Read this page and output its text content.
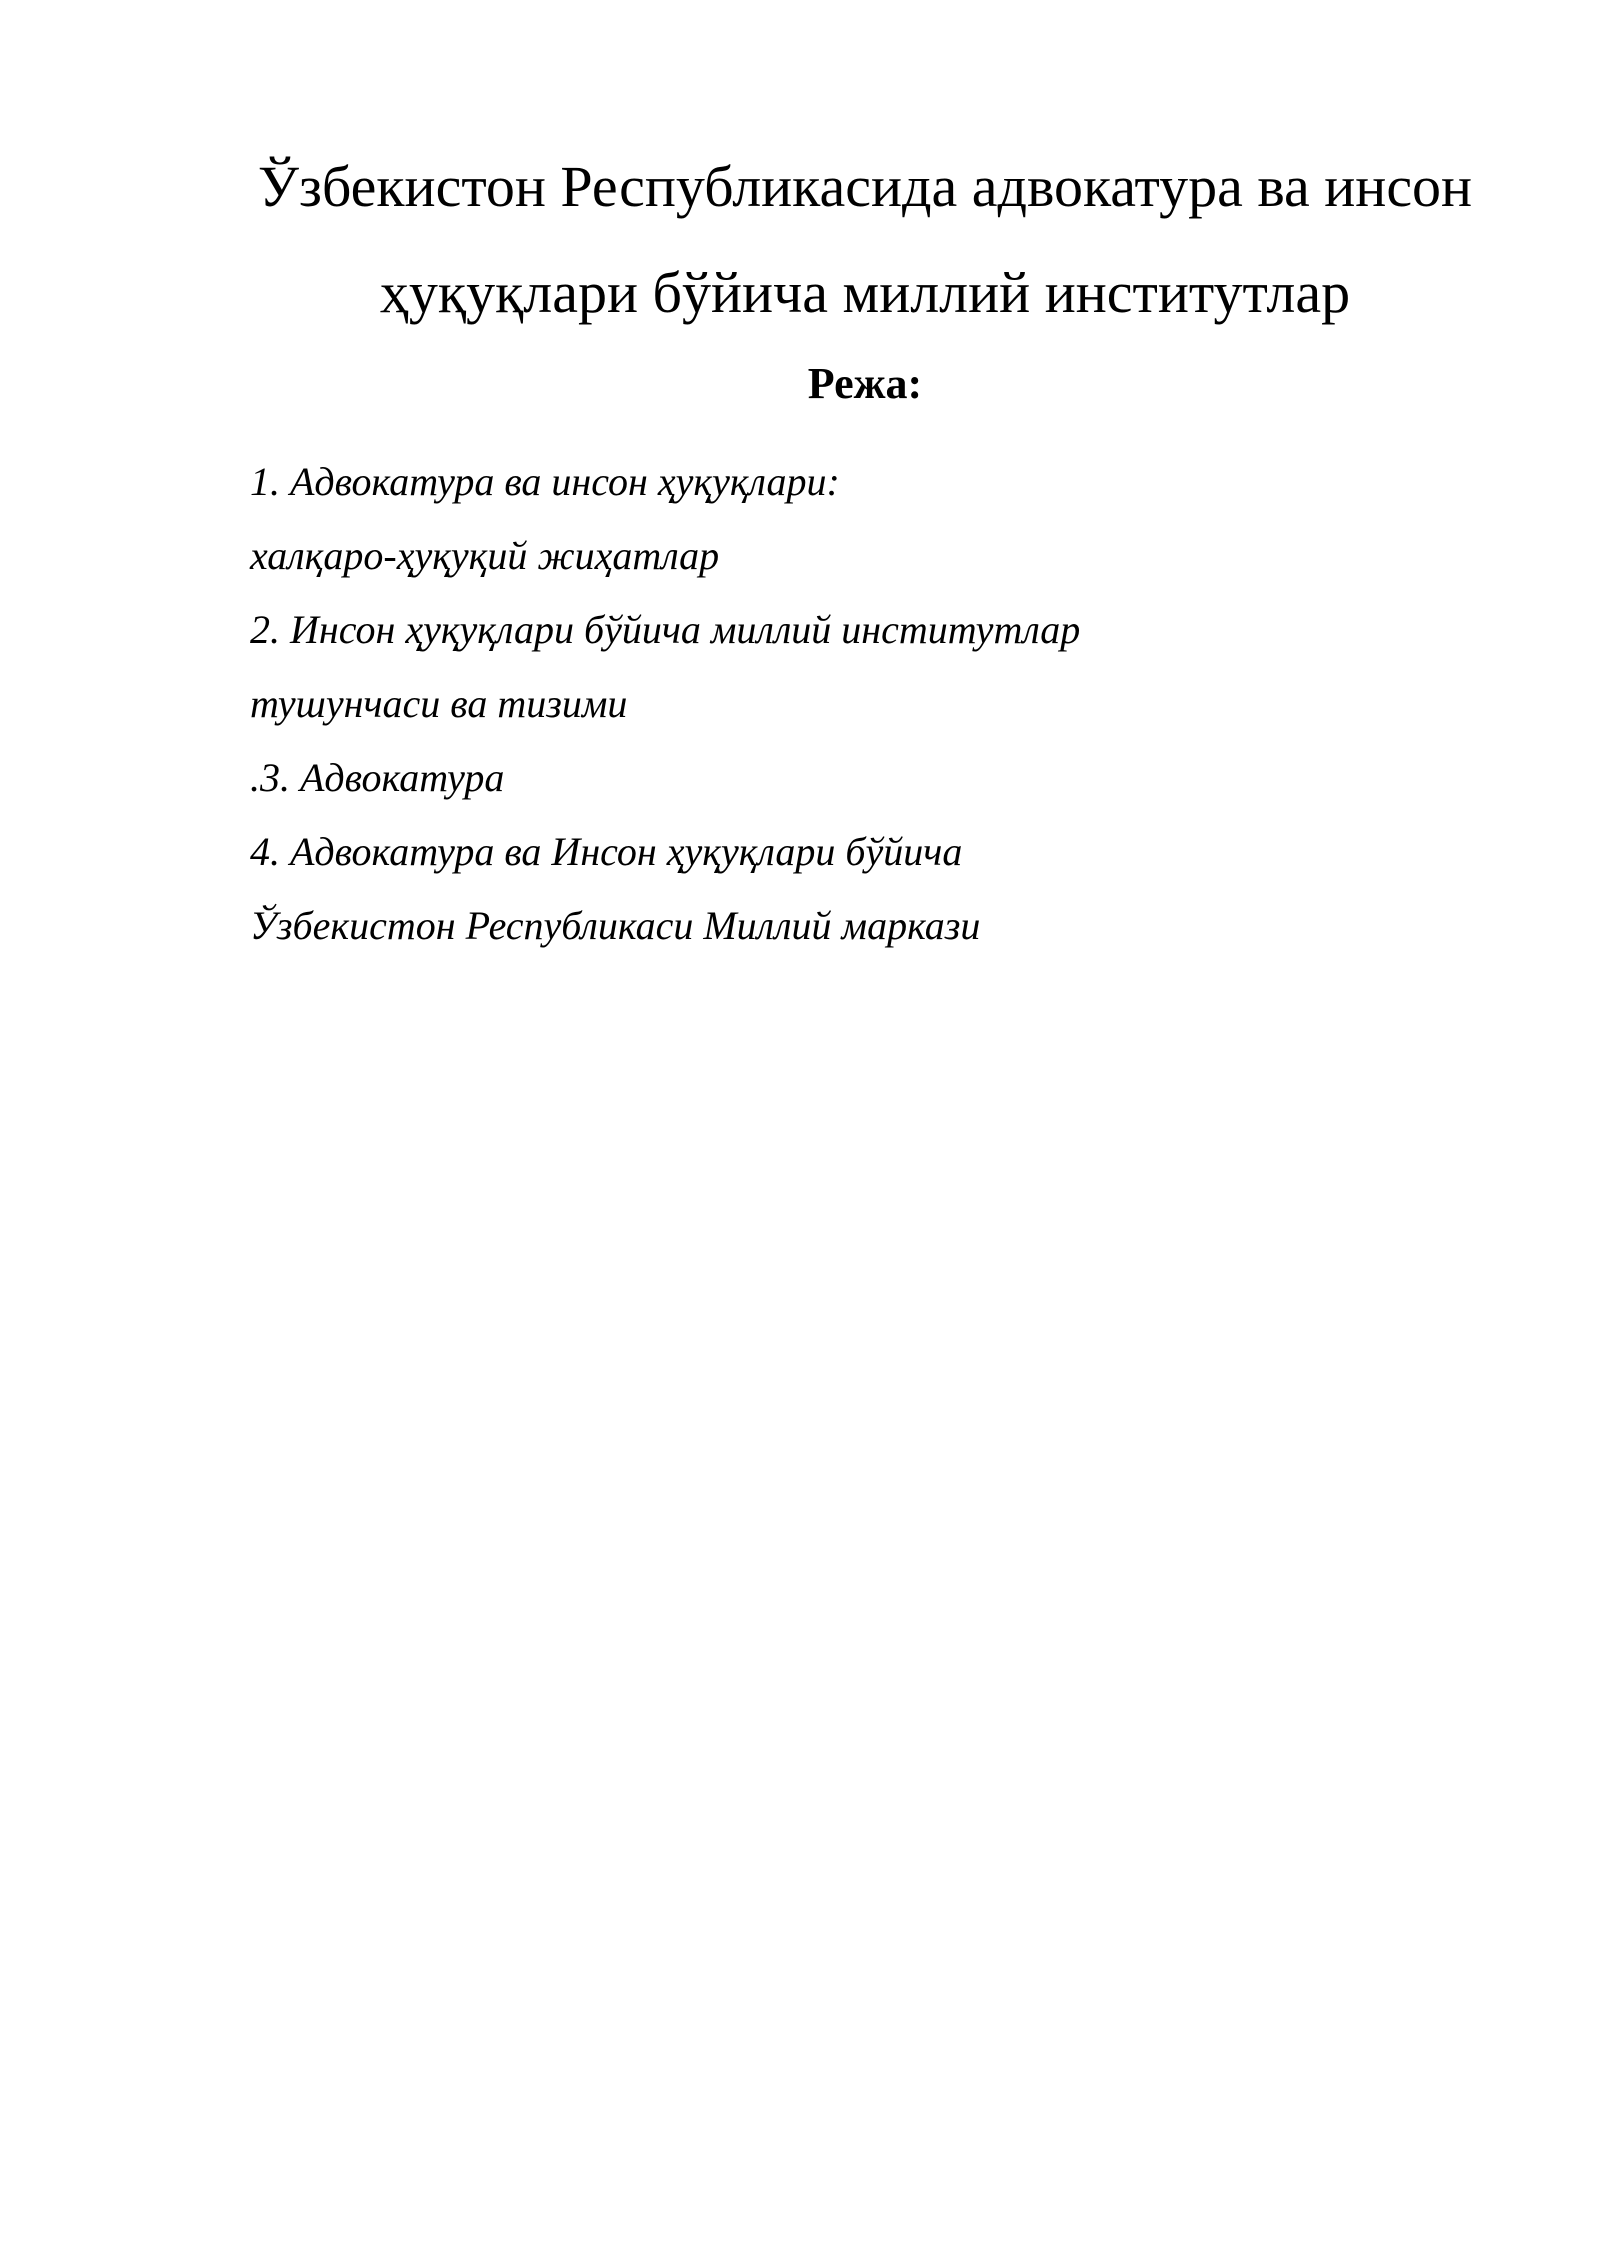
Ўзбекистон Республикасида адвокатура ва инсон
ҳуқуқлари бўйича миллий институтлар
Режа:
1. Адвокатура ва инсон ҳуқуқлари:
халқаро-ҳуқуқий жиҳатлар
2. Инсон ҳуқуқлари бўйича миллий институтлар
тушунчаси ва тизими
.3. Адвокатура
4. Адвокатура ва Инсон ҳуқуқлари бўйича
Ўзбекистон Республикаси Миллий маркази
